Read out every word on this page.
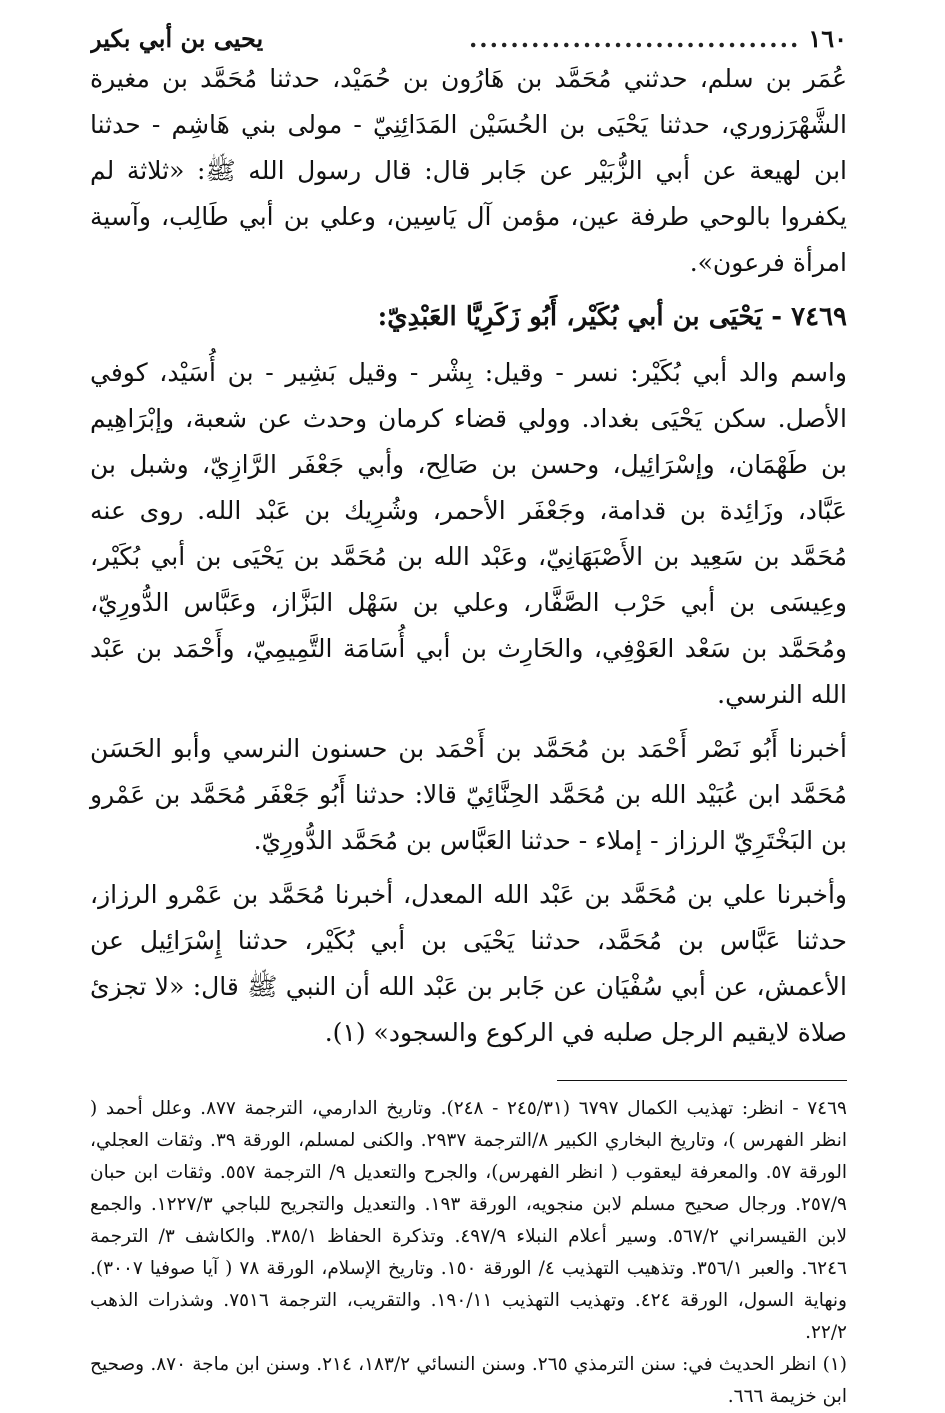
١٦٠
................................
يحيى بن أبي بكير

عُمَر بن سلم، حدثني مُحَمَّد بن هَارُون بن حُمَيْد، حدثنا مُحَمَّد بن مغيرة الشَّهْرَزوري، حدثنا يَحْيَى بن الحُسَيْن المَدَائِنِيّ - مولى بني هَاشِم - حدثنا ابن لهيعة عن أبي الزُّبَيْر عن جَابر قال: قال رسول الله ﷺ: «ثلاثة لم يكفروا بالوحي طرفة عين، مؤمن آل يَاسِين، وعلي بن أبي طَالِب، وآسية امرأة فرعون».

٧٤٦٩ - يَحْيَى بن أبي بُكَيْر، أَبُو زَكَرِيَّا العَبْدِيّ:

واسم والد أبي بُكَيْر: نسر - وقيل: بِشْر - وقيل بَشِير - بن أُسَيْد، كوفي الأصل. سكن يَحْيَى بغداد. وولي قضاء كرمان وحدث عن شعبة، وإبْرَاهِيم بن طَهْمَان، وإسْرَائِيل، وحسن بن صَالِح، وأبي جَعْفَر الرَّازِيّ، وشبل بن عَبَّاد، وزَائِدة بن قدامة، وجَعْفَر الأحمر، وشُرِيك بن عَبْد الله. روى عنه مُحَمَّد بن سَعِيد بن الأَصْبَهَانِيّ، وعَبْد الله بن مُحَمَّد بن يَحْيَى بن أبي بُكَيْر، وعِيسَى بن أبي حَرْب الصَّفَّار، وعلي بن سَهْل البَزَّاز، وعَبَّاس الدُّورِيّ، ومُحَمَّد بن سَعْد العَوْفِي، والحَارِث بن أبي أُسَامَة التَّمِيمِيّ، وأَحْمَد بن عَبْد الله النرسي.

أخبرنا أَبُو نَصْر أَحْمَد بن مُحَمَّد بن أَحْمَد بن حسنون النرسي وأبو الحَسَن مُحَمَّد ابن عُبَيْد الله بن مُحَمَّد الحِنَّائِيّ قالا: حدثنا أَبُو جَعْفَر مُحَمَّد بن عَمْرو بن البَخْتَرِيّ الرزاز - إملاء - حدثنا العَبَّاس بن مُحَمَّد الدُّورِيّ.

وأخبرنا علي بن مُحَمَّد بن عَبْد الله المعدل، أخبرنا مُحَمَّد بن عَمْرو الرزاز، حدثنا عَبَّاس بن مُحَمَّد، حدثنا يَحْيَى بن أبي بُكَيْر، حدثنا إِسْرَائِيل عن الأعمش، عن أبي سُفْيَان عن جَابر بن عَبْد الله أن النبي ﷺ قال: «لا تجزئ صلاة لايقيم الرجل صلبه في الركوع والسجود» (١).

٧٤٦٩ - انظر: تهذيب الكمال ٦٧٩٧ (٢٤٥/٣١ - ٢٤٨). وتاريخ الدارمي، الترجمة ٨٧٧. وعلل أحمد ( انظر الفهرس )، وتاريخ البخاري الكبير ٨/الترجمة ٢٩٣٧. والكنى لمسلم، الورقة ٣٩. وثقات العجلي، الورقة ٥٧. والمعرفة ليعقوب ( انظر الفهرس)، والجرح والتعديل ٩/ الترجمة ٥٥٧. وثقات ابن حبان ٢٥٧/٩. ورجال صحيح مسلم لابن منجويه، الورقة ١٩٣. والتعديل والتجريح للباجي ١٢٢٧/٣. والجمع لابن القيسراني ٥٦٧/٢. وسير أعلام النبلاء ٤٩٧/٩. وتذكرة الحفاظ ٣٨٥/١. والكاشف ٣/ الترجمة ٦٢٤٦. والعبر ٣٥٦/١. وتذهيب التهذيب ٤/ الورقة ١٥٠. وتاريخ الإسلام، الورقة ٧٨ ( آيا صوفيا ٣٠٠٧). ونهاية السول، الورقة ٤٢٤. وتهذيب التهذيب ١٩٠/١١. والتقريب، الترجمة ٧٥١٦. وشذرات الذهب ٢٢/٢.

(١) انظر الحديث في: سنن الترمذي ٢٦٥. وسنن النسائي ١٨٣/٢، ٢١٤. وسنن ابن ماجة ٨٧٠. وصحيح ابن خزيمة ٦٦٦.
